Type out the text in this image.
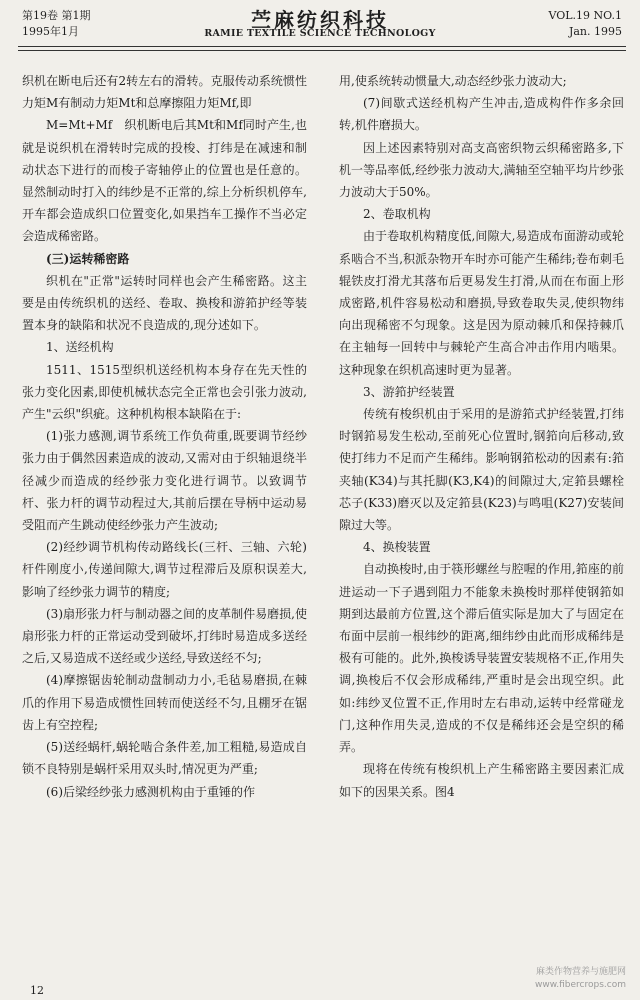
第19卷 第1期
1995年1月	苎麻纺织科技
RAMIE TEXTILE SCIENCE TECHNOLOGY
VOL.19 NO.1
Jan. 1995

织机在断电后还有2转左右的滑转。克服传动系统惯性力矩M有制动力矩Mt和总摩擦阻力矩Mf,即

M=Mt+Mf　织机断电后其Mt和Mf同时产生,也就是说织机在滑转时完成的投梭、打纬是在减速和制动状态下进行的而梭子寄轴停止的位置也是任意的。显然制动时打入的纬纱是不正常的,综上分析织机停车,开车都会造成织口位置变化,如果挡车工操作不当必定会造成稀密路。

(三)运转稀密路

织机在"正常"运转时同样也会产生稀密路。这主要是由传统织机的送经、卷取、换梭和游筘护经等装置本身的缺陷和状况不良造成的,现分述如下。

1、送经机构

1511、1515型织机送经机构本身存在先天性的张力变化因素,即使机械状态完全正常也会引张力波动,产生"云织"织疵。这种机构根本缺陷在于:

(1)张力感测,调节系统工作负荷重,既要调节经纱张力由于偶然因素造成的波动,又需对由于织轴退绕半径减少而造成的经纱张力变化进行调节。以致调节杆、张力杆的调节动程过大,其前后摆在导柄中运动易受阻而产生跳动使经纱张力产生波动;

(2)经纱调节机构传动路线长(三杆、三轴、六轮)杆件刚度小,传递间隙大,调节过程滞后及原积误差大,影响了经纱张力调节的精度;

(3)扇形张力杆与制动器之间的皮革制件易磨损,使扇形张力杆的正常运动受到破坏,打纬时易造成多送经之后,又易造成不送经或少送经,导致送经不匀;

(4)摩擦锯齿轮制动盘制动力小,毛毡易磨损,在棘爪的作用下易造成惯性回转而使送经不匀,且棚牙在锯齿上有空控程;

(5)送经蜗杆,蜗轮啮合条件差,加工粗糙,易造成自锁不良特别是蜗杆采用双头时,情况更为严重;

(6)后梁经纱张力感测机构由于重锤的作

用,使系统转动惯量大,动态经纱张力波动大;

(7)间歇式送经机构产生冲击,造成构件作多余回转,机件磨损大。

因上述因素特别对高支高密织物云织稀密路多,下机一等品率低,经纱张力波动大,满轴至空轴平均片纱张力波动大于50%。

2、卷取机构

由于卷取机构精度低,间隙大,易造成布面游动或轮系啮合不当,积派杂物开车时亦可能产生稀纬;卷布刺毛辊铁皮打滑尤其落布后更易发生打滑,从而在布面上形成密路,机件容易松动和磨损,导致卷取失灵,使织物纬向出现稀密不匀现象。这是因为原动棘爪和保持棘爪在主轴每一回转中与棘轮产生高合冲击作用内啮果。这种现象在织机高速时更为显著。

3、游筘护经装置

传统有梭织机由于采用的是游筘式护经装置,打纬时钢筘易发生松动,至前死心位置时,钢筘向后移动,致使打纬力不足而产生稀纬。影响钢筘松动的因素有:筘夹轴(K34)与其托脚(K3,K4)的间隙过大,定筘县螺栓芯子(K33)磨灭以及定筘县(K23)与鸣咀(K27)安装间隙过大等。

4、换梭装置

自动换梭时,由于筷形螺丝与腔喔的作用,筘座的前进运动一下子遇到阻力不能象未换梭时那样使钢筘如期到达最前方位置,这个滞后值实际是加大了与固定在布面中层前一根纬纱的距离,细纬纱由此而形成稀纬是极有可能的。此外,换梭诱导装置安装规格不正,作用失调,换梭后不仅会形成稀纬,严重时是会出现空织。此如:纬纱叉位置不正,作用时左右串动,运转中经常碰龙门,这种作用失灵,造成的不仅是稀纬还会是空织的稀弄。

现将在传统有梭织机上产生稀密路主要因素汇成如下的因果关系。图4

12
麻类作物营养与施肥网
www.fibercrops.com
